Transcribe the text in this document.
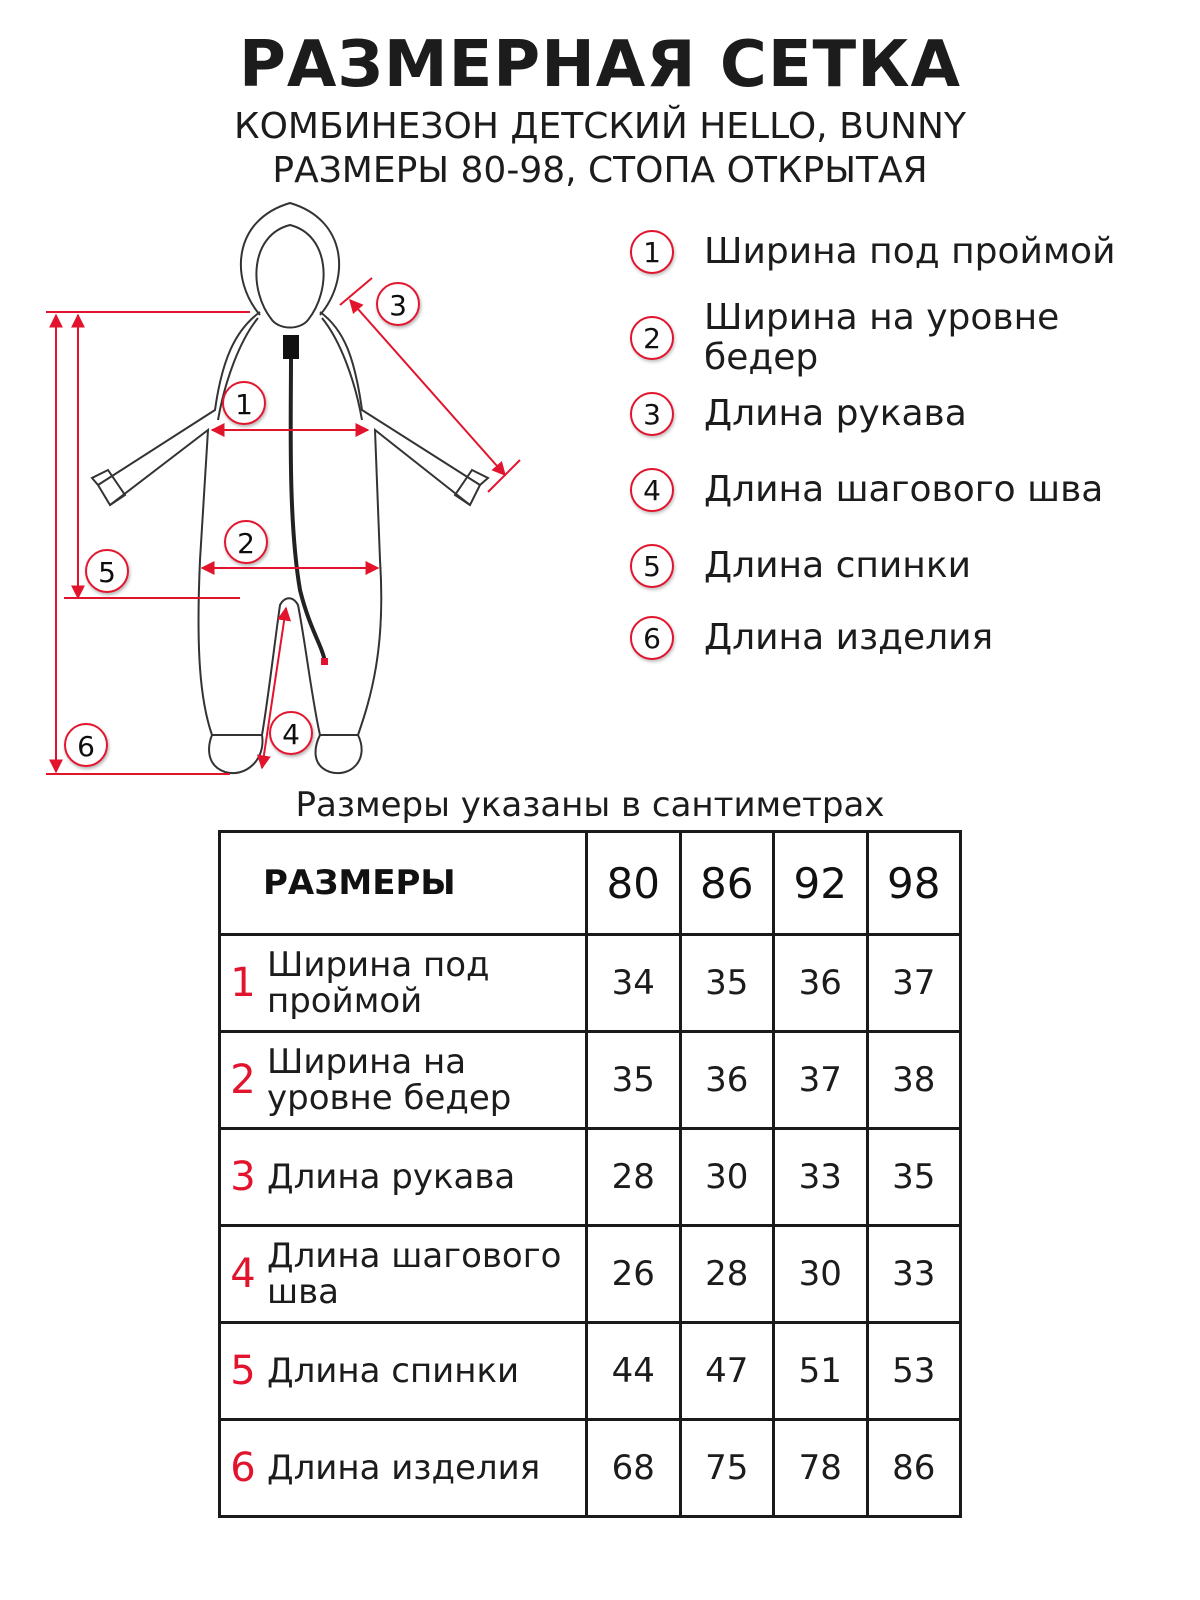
РАЗМЕРНАЯ СЕТКА
КОМБИНЕЗОН ДЕТСКИЙ HELLO, BUNNY
РАЗМЕРЫ 80-98, СТОПА ОТКРЫТАЯ
1
2
3
4
5
6
1	Ширина под проймой
2	Ширина на уровне бедер
3	Длина рукава
4	Длина шагового шва
5	Длина спинки
6	Длина изделия
Размеры указаны в сантиметрах
РАЗМЕРЫ	80	86	92	98

1 Ширина под проймой	34	35	36	37

2 Ширина на уровне бедер	35	36	37	38

3 Длина рукава	28	30	33	35

4 Длина шагового шва	26	28	30	33

5 Длина спинки	44	47	51	53

6 Длина изделия	68	75	78	86
